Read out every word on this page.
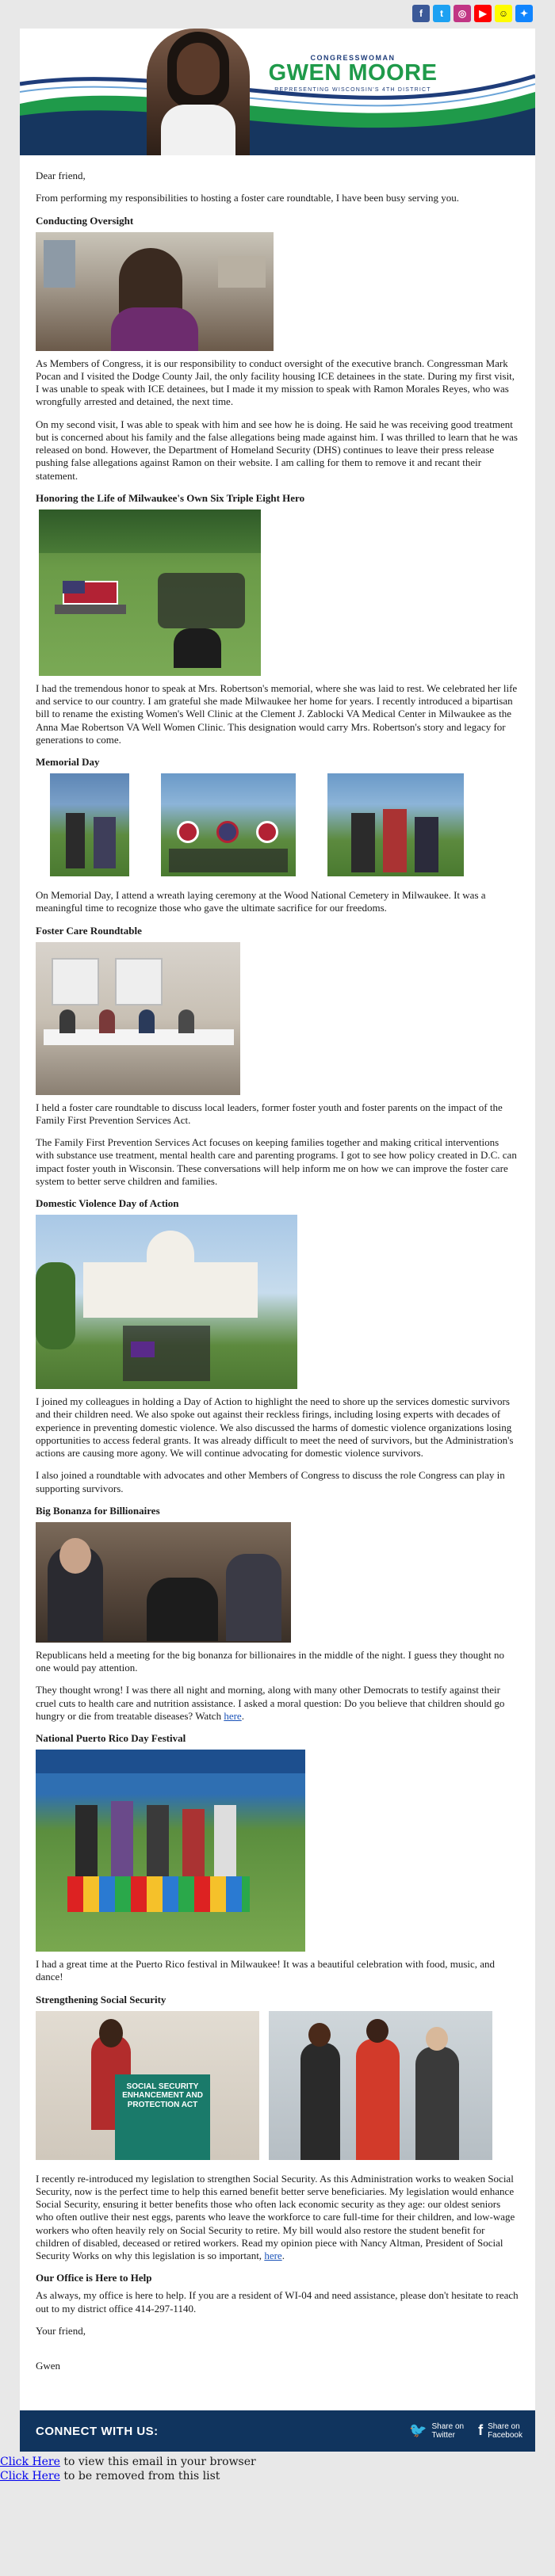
f	t	◎	▶	☺	✦
CONGRESSWOMAN
GWEN MOORE
REPRESENTING WISCONSIN'S 4TH DISTRICT

Dear friend,

From performing my responsibilities to hosting a foster care roundtable, I have been busy serving you.

Conducting Oversight

As Members of Congress, it is our responsibility to conduct oversight of the executive branch. Congressman Mark Pocan and I visited the Dodge County Jail, the only facility housing ICE detainees in the state. During my first visit, I was unable to speak with ICE detainees, but I made it my mission to speak with Ramon Morales Reyes, who was wrongfully arrested and detained, the next time.

On my second visit, I was able to speak with him and see how he is doing. He said he was receiving good treatment but is concerned about his family and the false allegations being made against him. I was thrilled to learn that he was released on bond. However, the Department of Homeland Security (DHS) continues to leave their press release pushing false allegations against Ramon on their website. I am calling for them to remove it and recant their statement.

Honoring the Life of Milwaukee's Own Six Triple Eight Hero

I had the tremendous honor to speak at Mrs. Robertson's memorial, where she was laid to rest. We celebrated her life and service to our country. I am grateful she made Milwaukee her home for years. I recently introduced a bipartisan bill to rename the existing Women's Well Clinic at the Clement J. Zablocki VA Medical Center in Milwaukee as the Anna Mae Robertson VA Well Women Clinic. This designation would carry Mrs. Robertson's story and legacy for generations to come.

Memorial Day

On Memorial Day, I attend a wreath laying ceremony at the Wood National Cemetery in Milwaukee. It was a meaningful time to recognize those who gave the ultimate sacrifice for our freedoms.

Foster Care Roundtable

I held a foster care roundtable to discuss local leaders, former foster youth and foster parents on the impact of the Family First Prevention Services Act.

The Family First Prevention Services Act focuses on keeping families together and making critical interventions with substance use treatment, mental health care and parenting programs. I got to see how policy created in D.C. can impact foster youth in Wisconsin. These conversations will help inform me on how we can improve the foster care system to better serve children and families.

Domestic Violence Day of Action

I joined my colleagues in holding a Day of Action to highlight the need to shore up the services domestic survivors and their children need. We also spoke out against their reckless firings, including losing experts with decades of experience in preventing domestic violence. We also discussed the harms of domestic violence organizations losing opportunities to access federal grants. It was already difficult to meet the need of survivors, but the Administration's actions are causing more agony. We will continue advocating for domestic violence survivors.

I also joined a roundtable with advocates and other Members of Congress to discuss the role Congress can play in supporting survivors.

Big Bonanza for Billionaires

Republicans held a meeting for the big bonanza for billionaires in the middle of the night. I guess they thought no one would pay attention.

They thought wrong! I was there all night and morning, along with many other Democrats to testify against their cruel cuts to health care and nutrition assistance. I asked a moral question: Do you believe that children should go hungry or die from treatable diseases? Watch here.

National Puerto Rico Day Festival

I had a great time at the Puerto Rico festival in Milwaukee! It was a beautiful celebration with food, music, and dance!

Strengthening Social Security
SOCIAL SECURITY ENHANCEMENT AND PROTECTION ACT

I recently re-introduced my legislation to strengthen Social Security. As this Administration works to weaken Social Security, now is the perfect time to help this earned benefit better serve beneficiaries. My legislation would enhance Social Security, ensuring it better benefits those who often lack economic security as they age: our oldest seniors who often outlive their nest eggs, parents who leave the workforce to care full-time for their children, and low-wage workers who often heavily rely on Social Security to retire. My bill would also restore the student benefit for children of disabled, deceased or retired workers. Read my opinion piece with Nancy Altman, President of Social Security Works on why this legislation is so important, here.

Our Office is Here to Help

As always, my office is here to help. If you are a resident of WI-04 and need assistance, please don't hesitate to reach out to my district office 414-297-1140.

Your friend,

Gwen

CONNECT WITH US:	🐦 Share on
Twitter	f Share on
Facebook
Click Here to view this email in your browser
Click Here to be removed from this list
